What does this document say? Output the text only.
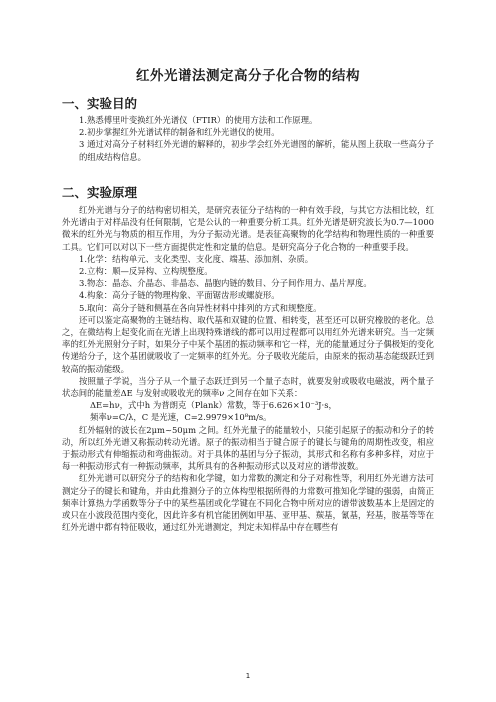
红外光谱法测定高分子化合物的结构
一、实验目的

1.熟悉傅里叶变换红外光谱仪（FTIR）的使用方法和工作原理。

2.初步掌握红外光谱试样的制备和红外光谱仪的使用。

3 通过对高分子材料红外光谱的解释的，初步学会红外光谱图的解析，能从图上获取一些高分子的组成结构信息。

二、实验原理

红外光谱与分子的结构密切相关，是研究表征分子结构的一种有效手段，与其它方法相比较，红外光谱由于对样品没有任何限制，它是公认的一种重要分析工具。红外光谱是研究波长为0.7—1000 微米的红外光与物质的相互作用，为分子振动光谱。是表征高聚物的化学结构和物理性质的一种重要工具。它们可以对以下一些方面提供定性和定量的信息。是研究高分子化合物的一种重要手段。

1.化学：结构单元、支化类型、支化度、端基、添加剂、杂质。

2.立构：顺—反异构、立构规整度。

3.物态：晶态、介晶态、非晶态、晶胞内链的数目、分子间作用力、晶片厚度。

4.构象：高分子链的物理构象、平面锯齿形或螺旋形。

5.取向：高分子链和侧基在各向异性材料中排列的方式和规整度。

还可以鉴定高聚物的主链结构、取代基和双键的位置、相转变，甚至还可以研究橡胶的老化。总之，在微结构上起变化而在光谱上出现特殊谱线的都可以用过程都可以用红外光谱来研究。当一定频率的红外光照射分子时，如果分子中某个基团的振动频率和它一样，光的能量通过分子偶极矩的变化传递给分子，这个基团就吸收了一定频率的红外光。分子吸收光能后，由原来的振动基态能级跃迁到较高的振动能级。

按照量子学说，当分子从一个量子态跃迁到另一个量子态时，就要发射或吸收电磁波，两个量子状态间的能量差ΔE 与发射或吸收光的频率ν 之间存在如下关系：

ΔE=hν，式中h 为普朗克（Plank）常数，等于6.626×10⁻³J·s，

频率ν=C/λ，C 是光速，C=2.9979×10⁸m/s。

红外辐射的波长在2μm~50μm 之间。红外光量子的能量较小，只能引起原子的振动和分子的转动，所以红外光谱又称振动转动光谱。原子的振动相当于键合原子的键长与键角的周期性改变，相应于振动形式有伸缩振动和弯曲振动。对于具体的基团与分子振动，其形式和名称有多种多样，对应于每一种振动形式有一种振动频率，其所具有的各种振动形式以及对应的谱带波数。

红外光谱可以研究分子的结构和化学键，如力常数的测定和分子对称性等，利用红外光谱方法可测定分子的键长和键角，并由此推测分子的立体构型根据所得的力常数可推知化学键的强弱，由简正频率计算热力学函数等分子中的某些基团或化学键在不同化合物中所对应的谱带波数基本上是固定的或只在小波段范围内变化，因此许多有机官能团例如甲基、亚甲基、羰基，氰基，羟基，胺基等等在红外光谱中都有特征吸收，通过红外光谱测定，判定未知样品中存在哪些有

1
